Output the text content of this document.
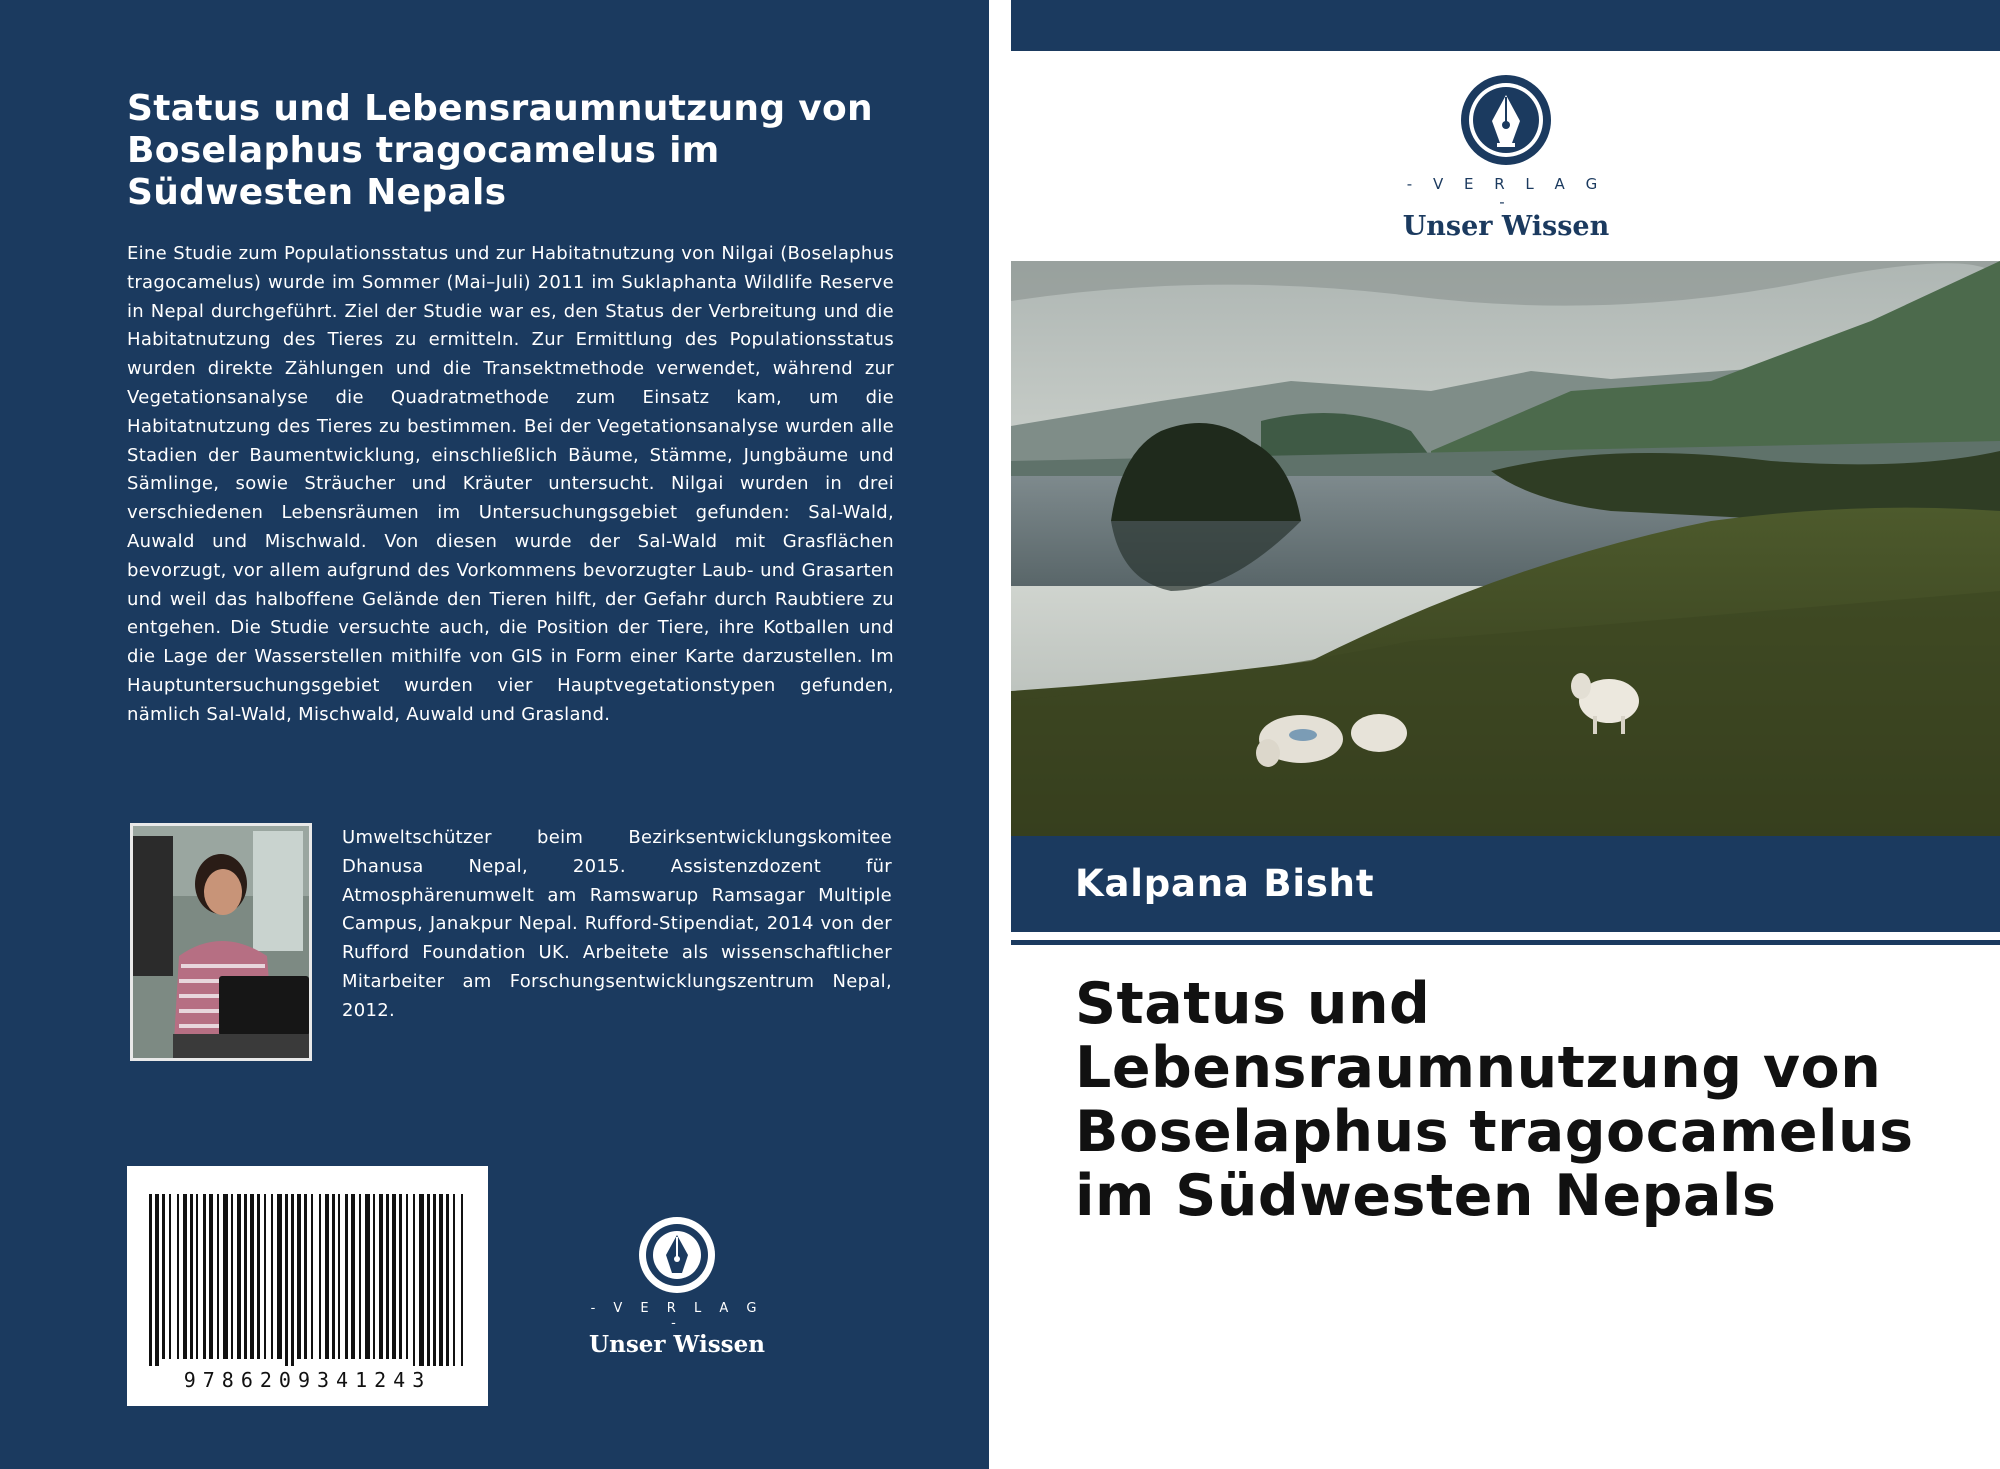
Status und Lebensraumnutzung von Boselaphus tragocamelus im Südwesten Nepals

Eine Studie zum Populationsstatus und zur Habitatnutzung von Nilgai (Boselaphus tragocamelus) wurde im Sommer (Mai–Juli) 2011 im Suklaphanta Wildlife Reserve in Nepal durchgeführt. Ziel der Studie war es, den Status der Verbreitung und die Habitatnutzung des Tieres zu ermitteln. Zur Ermittlung des Populationsstatus wurden direkte Zählungen und die Transektmethode verwendet, während zur Vegetationsanalyse die Quadratmethode zum Einsatz kam, um die Habitatnutzung des Tieres zu bestimmen. Bei der Vegetationsanalyse wurden alle Stadien der Baumentwicklung, einschließlich Bäume, Stämme, Jungbäume und Sämlinge, sowie Sträucher und Kräuter untersucht. Nilgai wurden in drei verschiedenen Lebensräumen im Untersuchungsgebiet gefunden: Sal-Wald, Auwald und Mischwald. Von diesen wurde der Sal-Wald mit Grasflächen bevorzugt, vor allem aufgrund des Vorkommens bevorzugter Laub- und Grasarten und weil das halboffene Gelände den Tieren hilft, der Gefahr durch Raubtiere zu entgehen. Die Studie versuchte auch, die Position der Tiere, ihre Kotballen und die Lage der Wasserstellen mithilfe von GIS in Form einer Karte darzustellen. Im Hauptuntersuchungsgebiet wurden vier Hauptvegetationstypen gefunden, nämlich Sal-Wald, Mischwald, Auwald und Grasland.

Umweltschützer beim Bezirksentwicklungskomitee Dhanusa Nepal, 2015. Assistenzdozent für Atmosphärenumwelt am Ramswarup Ramsagar Multiple Campus, Janakpur Nepal. Rufford-Stipendiat, 2014 von der Rufford Foundation UK. Arbeitete als wissenschaftlicher Mitarbeiter am Forschungsentwicklungszentrum Nepal, 2012.

9786209341243
- V E R L A G -
Unser Wissen
- V E R L A G -
Unser Wissen
Kalpana Bisht
Status und Lebensraumnutzung von Boselaphus tragocamelus im Südwesten Nepals
